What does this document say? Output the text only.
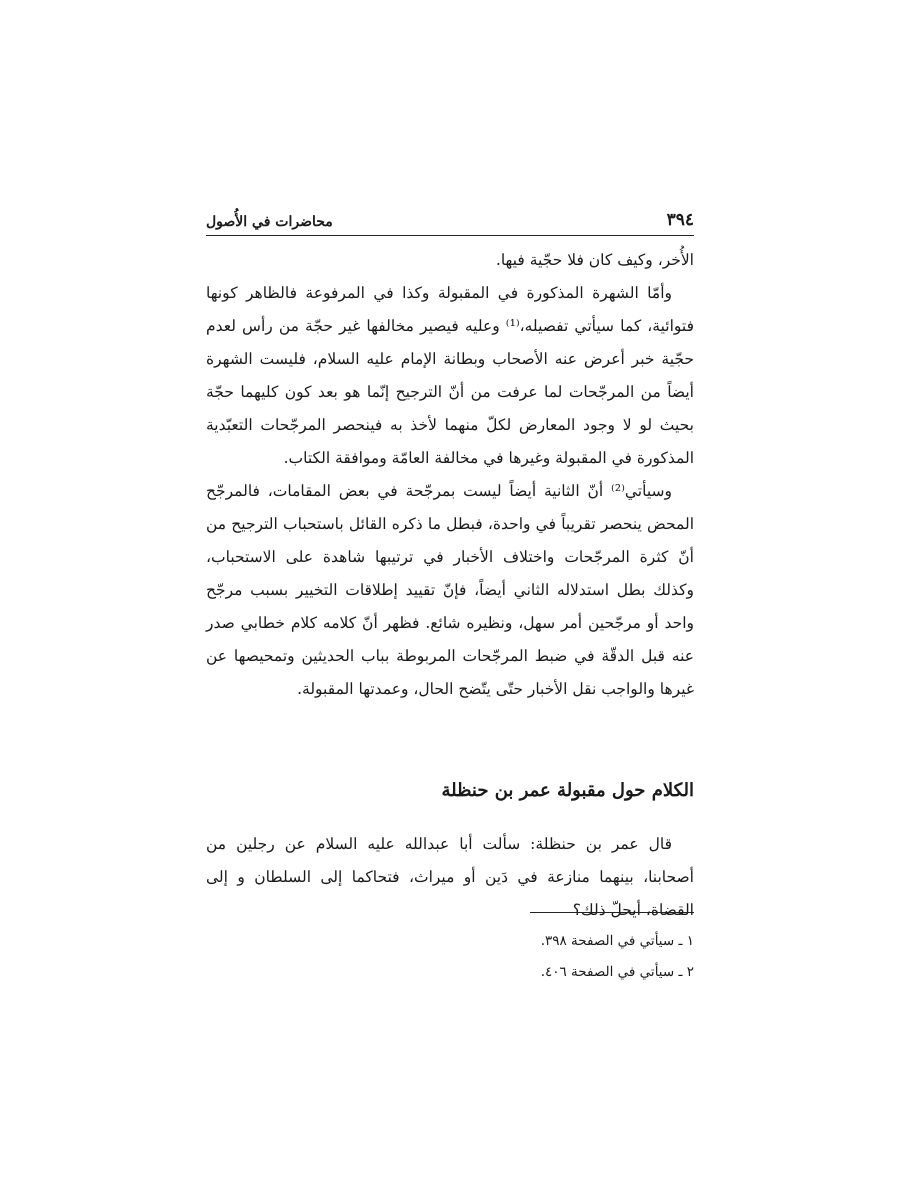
٣٩٤
محاضرات في الأُصول

الأُخر، وكيف كان فلا حجّية فيها.

وأمّا الشهرة المذكورة في المقبولة وكذا في المرفوعة فالظاهر كونها فتوائية، كما سيأتي تفصيله،⁽¹⁾ وعليه فيصير مخالفها غير حجّة من رأس لعدم حجّية خبر أعرض عنه الأصحاب وبطانة الإمام عليه السلام، فليست الشهرة أيضاً من المرجّحات لما عرفت من أنّ الترجيح إنّما هو بعد كون كليهما حجّة بحيث لو لا وجود المعارض لكلّ منهما لأخذ به فينحصر المرجّحات التعبّدية المذكورة في المقبولة وغيرها في مخالفة العامّة وموافقة الكتاب.

وسيأتي⁽²⁾ أنّ الثانية أيضاً ليست بمرجّحة في بعض المقامات، فالمرجّح المحض ينحصر تقريباً في واحدة، فبطل ما ذكره القائل باستحباب الترجيح من أنّ كثرة المرجّحات واختلاف الأخبار في ترتيبها شاهدة على الاستحباب، وكذلك بطل استدلاله الثاني أيضاً، فإنّ تقييد إطلاقات التخيير بسبب مرجّح واحد أو مرجّحين أمر سهل، ونظيره شائع. فظهر أنّ كلامه كلام خطابي صدر عنه قبل الدقّة في ضبط المرجّحات المربوطة بباب الحديثين وتمحيصها عن غيرها والواجب نقل الأخبار حتّى يتّضح الحال، وعمدتها المقبولة.

الكلام حول مقبولة عمر بن حنظلة

قال عمر بن حنظلة: سألت أبا عبدالله عليه السلام عن رجلين من أصحابنا، بينهما منازعة في دَين أو ميراث، فتحاكما إلى السلطان و إلى القضاة، أيحلّ ذلك؟

١ ـ سيأتي في الصفحة ٣٩٨.
٢ ـ سيأتي في الصفحة ٤٠٦.
